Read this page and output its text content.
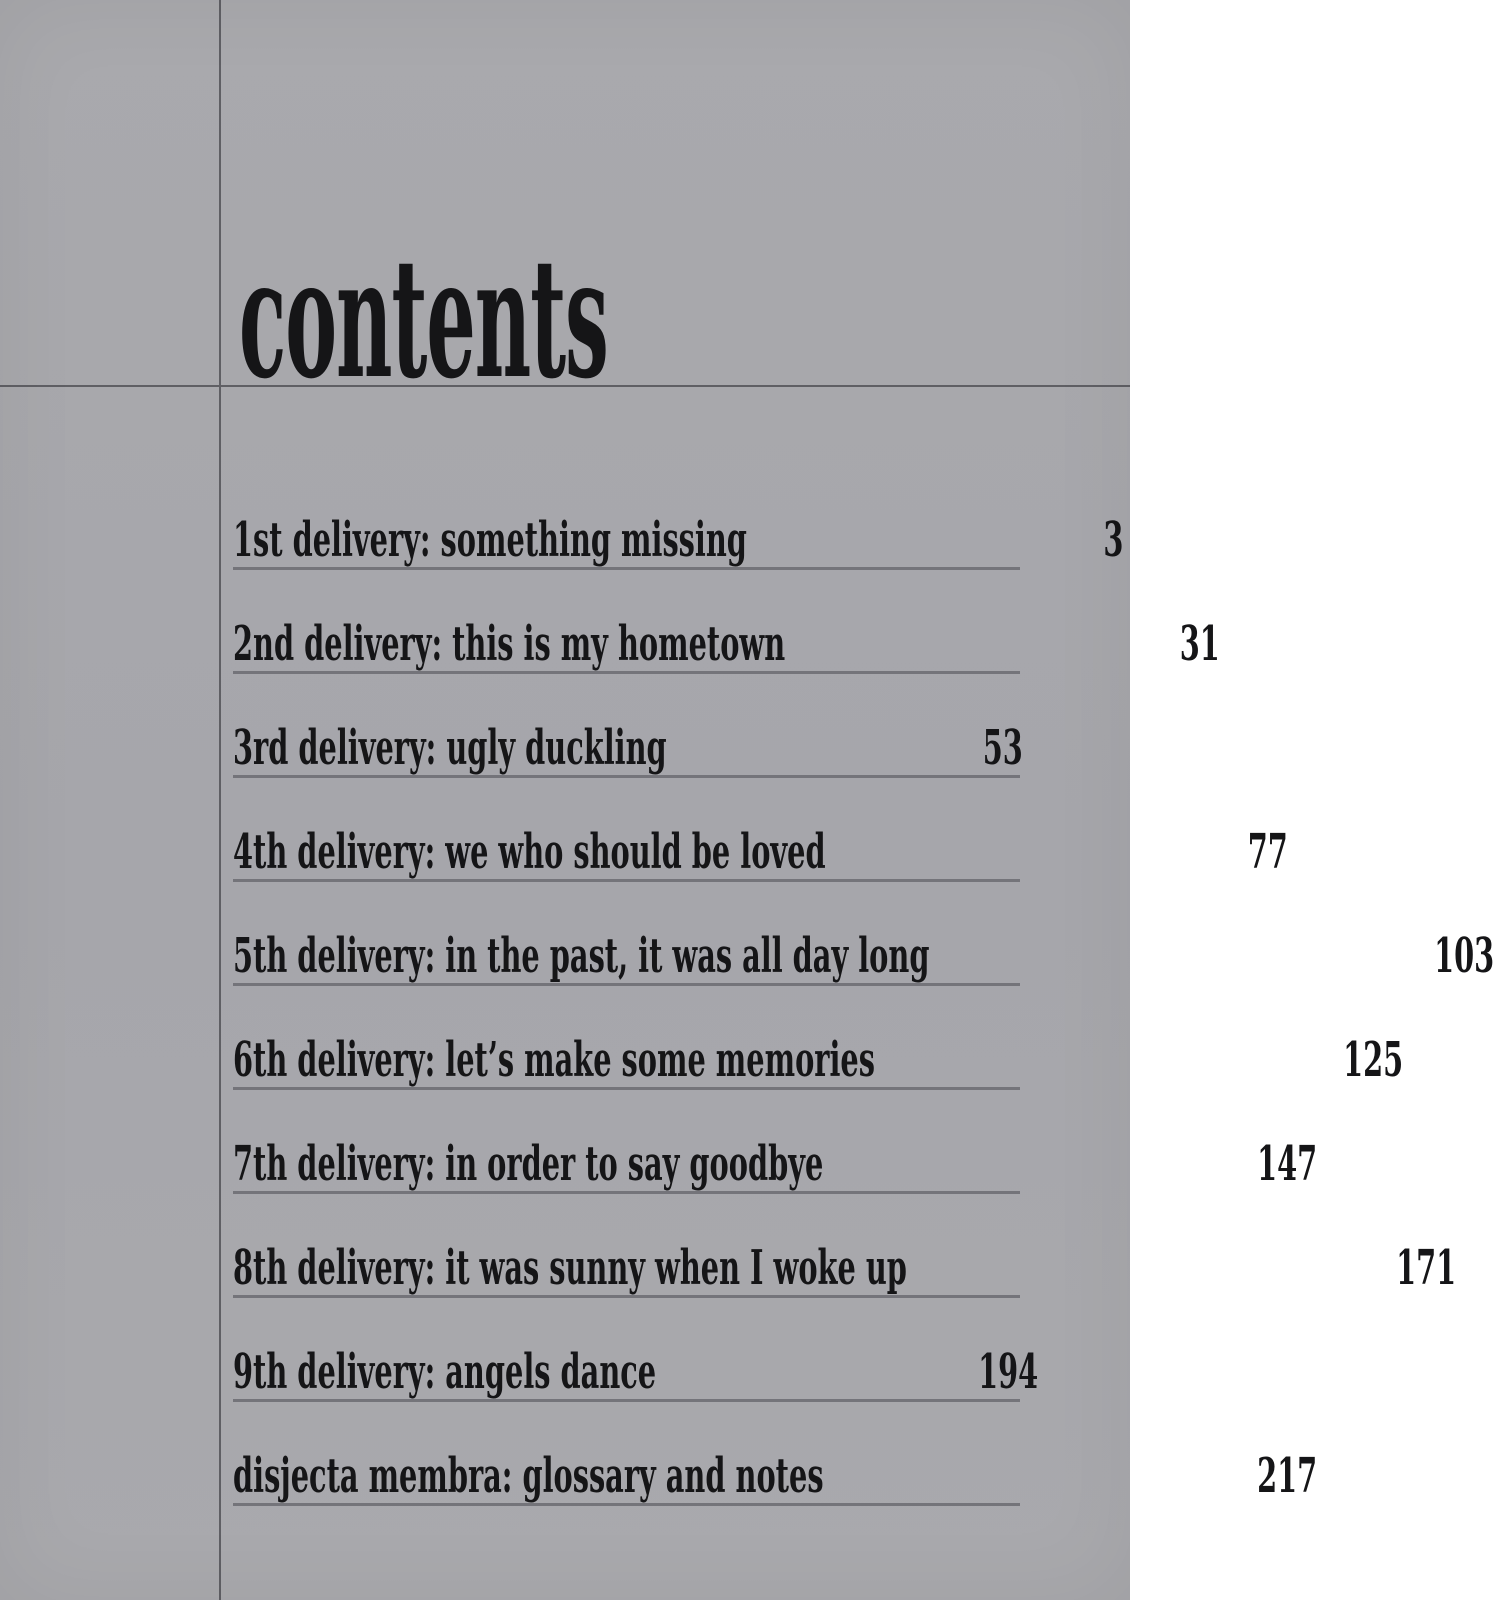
contents
1st delivery: something missing	3
2nd delivery: this is my hometown	31
3rd delivery: ugly duckling	53
4th delivery: we who should be loved	77
5th delivery: in the past, it was all day long	103
6th delivery: let’s make some memories	125
7th delivery: in order to say goodbye	147
8th delivery: it was sunny when I woke up	171
9th delivery: angels dance	194
disjecta membra: glossary and notes	217
